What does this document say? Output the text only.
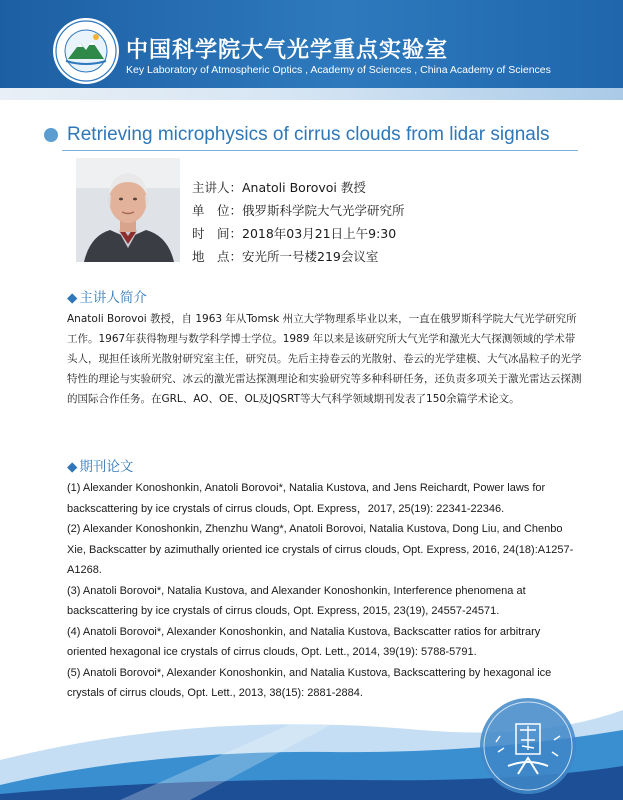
中国科学院大气光学重点实验室
Key Laboratory of Atmospheric Optics , Academy of Sciences , China Academy of Sciences
Retrieving microphysics of cirrus clouds from lidar signals
主讲人：Anatoli Borovoi 教授
单　位：俄罗斯科学院大气光学研究所
时　间：2018年03月21日上午9:30
地　点：安光所一号楼219会议室
◆ 主讲人简介

Anatoli Borovoi 教授，自 1963 年从Tomsk 州立大学物理系毕业以来，一直在俄罗斯科学院大气光学研究所工作。1967年获得物理与数学科学博士学位。1989 年以来是该研究所大气光学和激光大气探测领域的学术带头人，现担任该所光散射研究室主任，研究员。先后主持卷云的光散射、卷云的光学建模、大气冰晶粒子的光学特性的理论与实验研究、冰云的激光雷达探测理论和实验研究等多种科研任务，还负责多项关于激光雷达云探测的国际合作任务。在GRL、AO、OE、OL及JQSRT等大气科学领域期刊发表了150余篇学术论文。

◆ 期刊论文

(1) Alexander Konoshonkin, Anatoli Borovoi*, Natalia Kustova, and Jens Reichardt, Power laws for backscattering by ice crystals of cirrus clouds, Opt. Express，2017, 25(19): 22341-22346.

(2) Alexander Konoshonkin, Zhenzhu Wang*, Anatoli Borovoi, Natalia Kustova, Dong Liu, and Chenbo Xie, Backscatter by azimuthally oriented ice crystals of cirrus clouds, Opt. Express, 2016, 24(18):A1257-A1268.

(3) Anatoli Borovoi*, Natalia Kustova, and Alexander Konoshonkin, Interference phenomena at backscattering by ice crystals of cirrus clouds, Opt. Express, 2015, 23(19), 24557-24571.

(4) Anatoli Borovoi*, Alexander Konoshonkin, and Natalia Kustova, Backscatter ratios for arbitrary oriented hexagonal ice crystals of cirrus clouds, Opt. Lett., 2014, 39(19): 5788-5791.

(5) Anatoli Borovoi*, Alexander Konoshonkin, and Natalia Kustova, Backscattering by hexagonal ice crystals of cirrus clouds, Opt. Lett., 2013, 38(15): 2881-2884.
